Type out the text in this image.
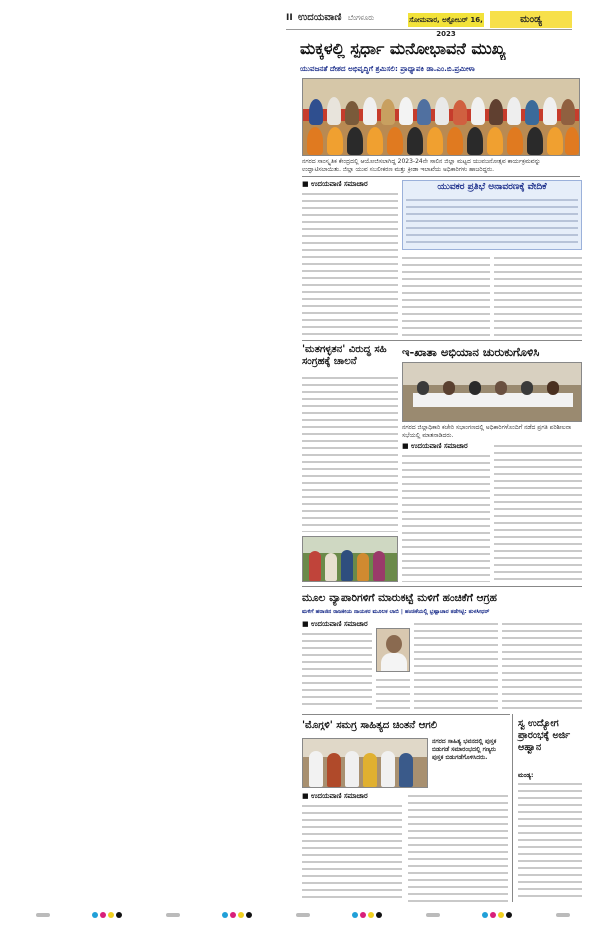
II ಉದಯವಾಣಿ ಬೆಂಗಳೂರು	ಸೋಮವಾರ, ಅಕ್ಟೋಬರ್ 16, 2023
ಮಂಡ್ಯ
ಮಕ್ಕಳಲ್ಲಿ ಸ್ಪರ್ಧಾ ಮನೋಭಾವನೆ ಮುಖ್ಯ
ಯುವಜನತೆ ದೇಶದ ಅಭಿವೃದ್ಧಿಗೆ ಶ್ರಮಿಸಲಿ: ಪ್ರಾಧ್ಯಾಪಕಿ ಡಾ.ಎಂ.ಬಿ.ಪ್ರಮೀಳಾ
ನಗರದ ಸಾಂಸ್ಕೃತಿಕ ಕೇಂದ್ರದಲ್ಲಿ ಆಯೋಜಿಸಲಾಗಿದ್ದ 2023-24ನೇ ಸಾಲಿನ ಜಿಲ್ಲಾ ಮಟ್ಟದ ಯುವಜನೋತ್ಸವ ಕಾರ್ಯಕ್ರಮವನ್ನು ಉದ್ಘಾಟಿಸಲಾಯಿತು. ಜಿಲ್ಲಾ ಯುವ ಸಬಲೀಕರಣ ಮತ್ತು ಕ್ರೀಡಾ ಇಲಾಖೆಯ ಅಧಿಕಾರಿಗಳು ಹಾಜರಿದ್ದರು.
■ ಉದಯವಾಣಿ ಸಮಾಚಾರ	ಯುವಕರ ಪ್ರತಿಭೆ ಅನಾವರಣಕ್ಕೆ ವೇದಿಕೆ
'ಮತಗಳ್ಳತನ' ವಿರುದ್ಧ ಸಹಿ ಸಂಗ್ರಹಕ್ಕೆ ಚಾಲನೆ
ಇ-ಖಾತಾ ಅಭಿಯಾನ ಚುರುಕುಗೊಳಿಸಿ
ನಗರದ ಜಿಲ್ಲಾಧಿಕಾರಿ ಕಚೇರಿ ಸಭಾಂಗಣದಲ್ಲಿ ಅಧಿಕಾರಿಗಳೊಂದಿಗೆ ನಡೆದ ಪ್ರಗತಿ ಪರಿಶೀಲನಾ ಸಭೆಯಲ್ಲಿ ಮಾತನಾಡಿದರು.
■ ಉದಯವಾಣಿ ಸಮಾಚಾರ
ಮೂಲ ವ್ಯಾಪಾರಿಗಳಿಗೆ ಮಾರುಕಟ್ಟೆ ಮಳಿಗೆ ಹಂಚಿಕೆಗೆ ಆಗ್ರಹ
ಮಳಿಗೆ ಹರಾಜಿನ ರಾಜಕೀಯ ನಾಯಕರ ಮೂಲಕ ಲಾಬಿ | ಹಂಚಿಕೆಯಲ್ಲಿ ಭ್ರಷ್ಟಾಚಾರ ತಡೆಗಟ್ಟಿ: ತುಳಸೀಧರ್
■ ಉದಯವಾಣಿ ಸಮಾಚಾರ
'ಮೊಗ್ಗಳಿ' ಸಮಗ್ರ ಸಾಹಿತ್ಯದ ಚಿಂತನೆ ಆಗಲಿ
ನಗರದ ಸಾಹಿತ್ಯ ಭವನದಲ್ಲಿ ಪುಸ್ತಕ ಬಿಡುಗಡೆ ಸಮಾರಂಭದಲ್ಲಿ ಗಣ್ಯರು ಪುಸ್ತಕ ಬಿಡುಗಡೆಗೊಳಿಸಿದರು.
■ ಉದಯವಾಣಿ ಸಮಾಚಾರ
ಸ್ವ ಉದ್ಯೋಗ ಪ್ರಾರಂಭಕ್ಕೆ ಅರ್ಜಿ ಆಹ್ವಾನ
ಮಂಡ್ಯ:
